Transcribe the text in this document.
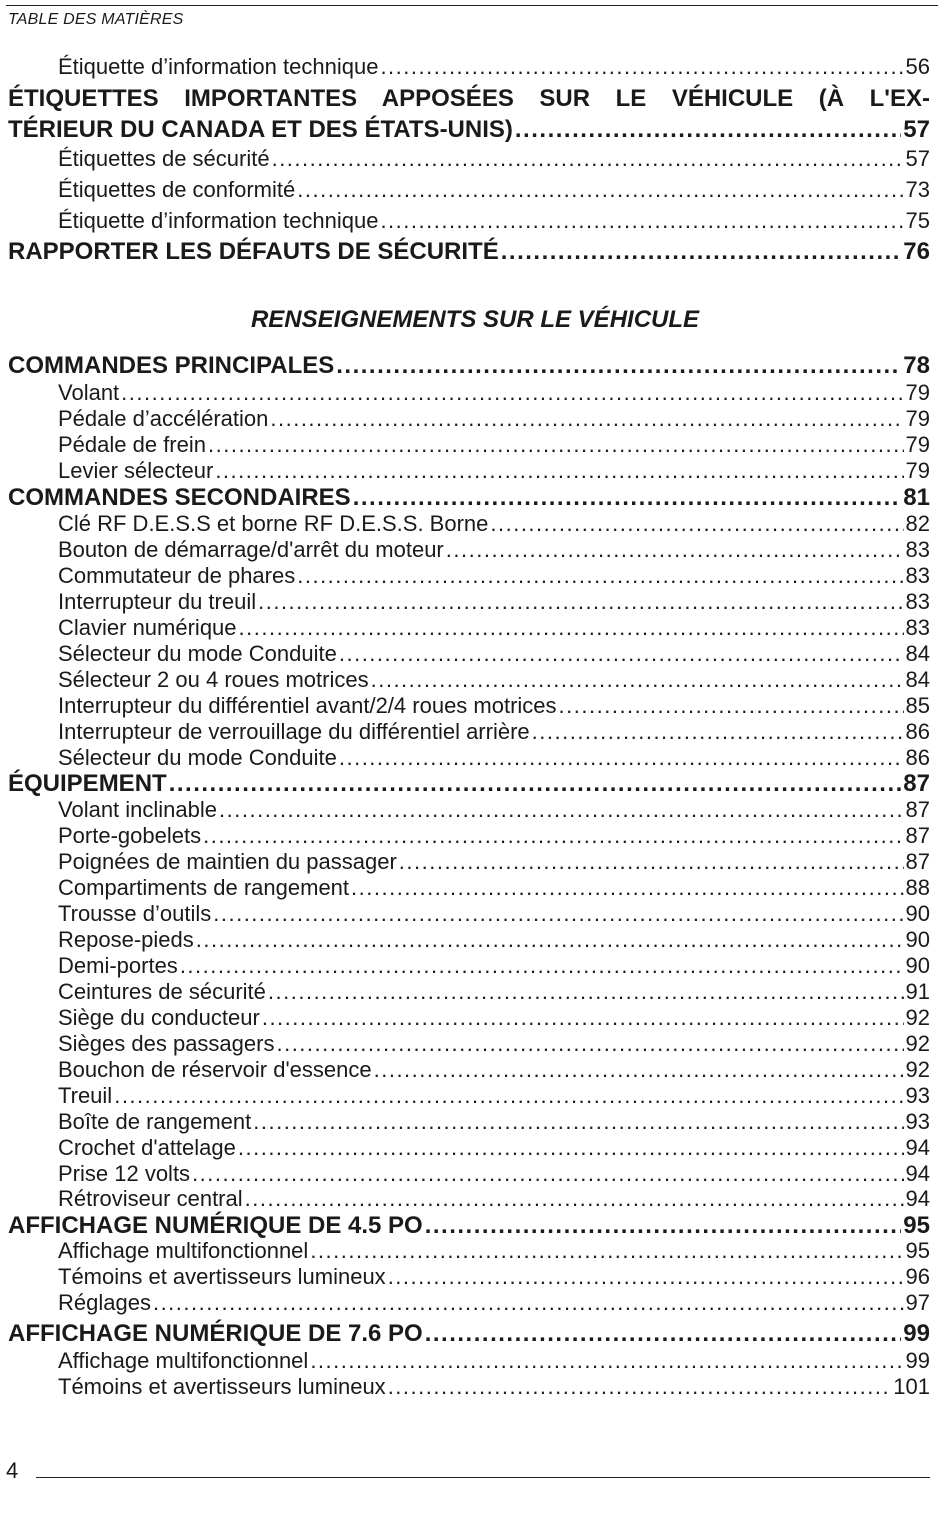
TABLE DES MATIÈRES
ÉTIQUETTES IMPORTANTES APPOSÉES SUR LE VÉHICULE (À L'EX-
TÉRIEUR DU CANADA ET DES ÉTATS-UNIS) .....	57
Étiquette d’information technique .....	56
Étiquettes de sécurité .....	57
Étiquettes de conformité .....	73
Étiquette d’information technique .....	75
RAPPORTER LES DÉFAUTS DE SÉCURITÉ .....	76
COMMANDES PRINCIPALES .....	78
Volant .....	79
Pédale d’accélération .....	79
Pédale de frein .....	79
Levier sélecteur .....	79
COMMANDES SECONDAIRES .....	81
Clé RF D.E.S.S et borne RF D.E.S.S. Borne .....	82
Bouton de démarrage/d'arrêt du moteur .....	83
Commutateur de phares .....	83
Interrupteur du treuil .....	83
Clavier numérique .....	83
Sélecteur du mode Conduite .....	84
Sélecteur 2 ou 4 roues motrices .....	84
Interrupteur du différentiel avant/2/4 roues motrices .....	85
Interrupteur de verrouillage du différentiel arrière .....	86
Sélecteur du mode Conduite .....	86
ÉQUIPEMENT .....	87
Volant inclinable .....	87
Porte-gobelets .....	87
Poignées de maintien du passager .....	87
Compartiments de rangement .....	88
Trousse d’outils .....	90
Repose-pieds .....	90
Demi-portes .....	90
Ceintures de sécurité .....	91
Siège du conducteur .....	92
Sièges des passagers .....	92
Bouchon de réservoir d'essence .....	92
Treuil .....	93
Boîte de rangement .....	93
Crochet d'attelage .....	94
Prise 12 volts .....	94
Rétroviseur central .....	94
AFFICHAGE NUMÉRIQUE DE 4.5 PO .....	95
Affichage multifonctionnel .....	95
Témoins et avertisseurs lumineux .....	96
Réglages .....	97
AFFICHAGE NUMÉRIQUE DE 7.6 PO .....	99
Affichage multifonctionnel .....	99
Témoins et avertisseurs lumineux .....	101
RENSEIGNEMENTS SUR LE VÉHICULE
4
